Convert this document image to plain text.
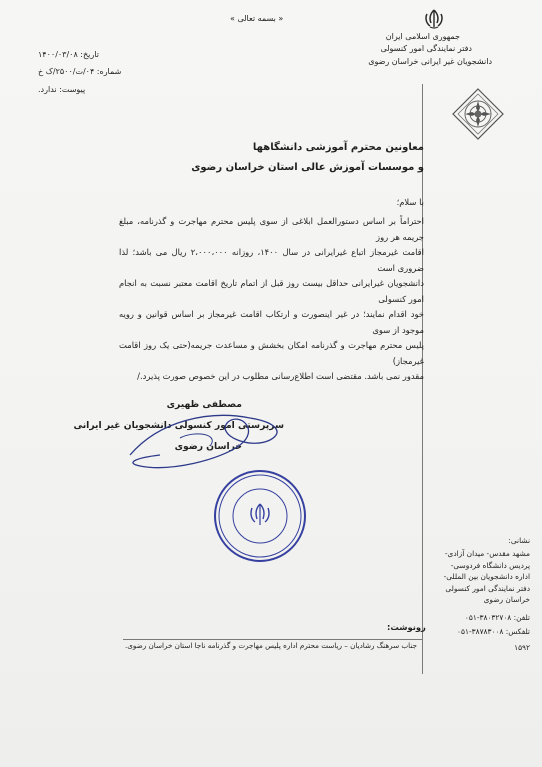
جمهوری اسلامی ایران
دفتر نمایندگی امور کنسولی
دانشجویان غیر ایرانی خراسان رضوی
« بسمه تعالی »
تاریخ: ۱۴۰۰/۰۳/۰۸
شماره: ۰۴/ت/۲۵۰۰/ک خ
پیوست: ندارد.
معاونین محترم آموزشی دانشگاهها
و موسسات آموزش عالی استان خراسان رضوی
با سلام؛

احتراماً بر اساس دستورالعمل ابلاغی از سوی پلیس محترم مهاجرت و گذرنامه، مبلغ جریمه هر روز

اقامت غیرمجاز اتباع غیرایرانی در سال ۱۴۰۰، روزانه ۲،۰۰۰،۰۰۰ ریال می باشد؛ لذا ضروری است

دانشجویان غیرایرانی حداقل بیست روز قبل از اتمام تاریخ اقامت معتبر نسبت به انجام امور کنسولی

خود اقدام نمایند؛ در غیر اینصورت و ارتکاب اقامت غیرمجاز بر اساس قوانین و رویه موجود از سوی

پلیس محترم مهاجرت و گذرنامه امکان بخشش و مساعدت جریمه(حتی یک روز اقامت غیرمجاز)

مقدور نمی باشد. مقتضی است اطلاع‌رسانی مطلوب در این خصوص صورت پذیرد./

مصطفی ظهیری
سرپرستی امور کنسولی دانشجویان غیر ایرانی
خراسان رضوی
نشانی:
مشهد مقدس- میدان آزادی-
پردیس دانشگاه فردوسی-
اداره دانشجویان بین المللی-
دفتر نمایندگی امور کنسولی
خراسان رضوی
تلفن: ۳۸۰۳۲۷۰۸-۰۵۱
تلفکس: ۳۸۷۸۳۰۰۸-۰۵۱
۱۵۹۲
رونوشت:
جناب سرهنگ رشادیان – ریاست محترم اداره پلیس مهاجرت و گذرنامه ناجا استان خراسان رضوی.
